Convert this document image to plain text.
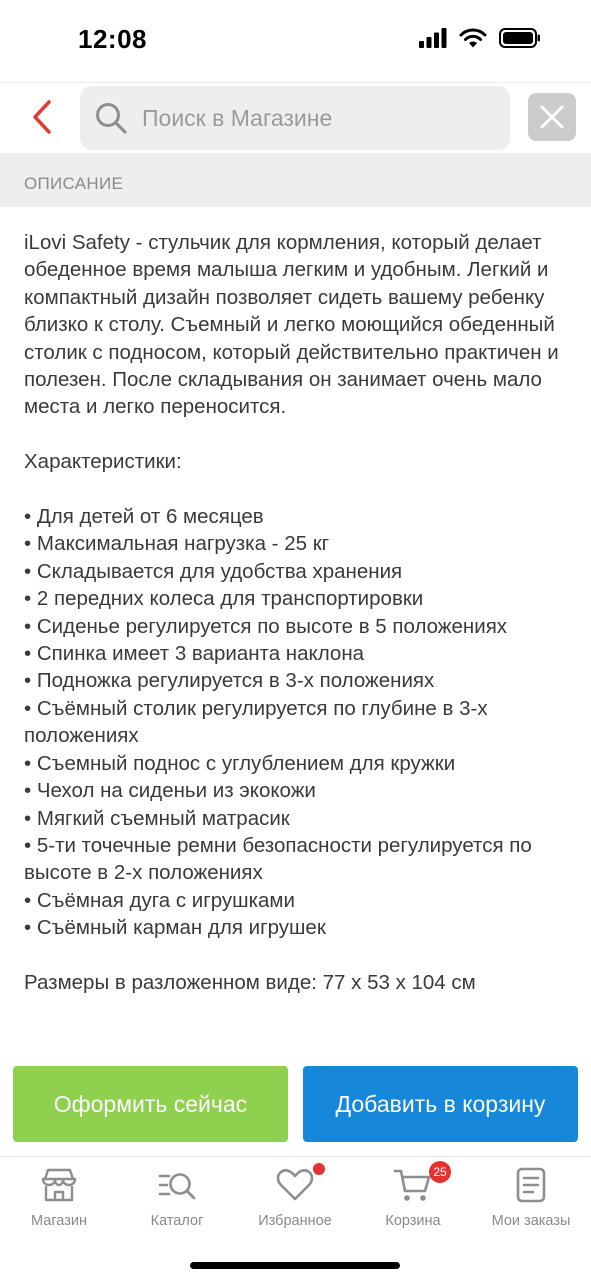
12:08
Поиск в Магазине
ОПИСАНИЕ

iLovi Safety - стульчик для кормления, который делает обеденное время малыша легким и удобным. Легкий и компактный дизайн позволяет сидеть вашему ребенку близко к столу. Съемный и легко моющийся обеденный столик с подносом, который действительно практичен и полезен. После складывания он занимает очень мало места и легко переносится.

Характеристики:

• Для детей от 6 месяцев

• Максимальная нагрузка - 25 кг

• Складывается для удобства хранения

• 2 передних колеса для транспортировки

• Сиденье регулируется по высоте в 5 положениях

• Спинка имеет 3 варианта наклона

• Подножка регулируется в 3-х положениях

• Съёмный столик регулируется по глубине в 3-х положениях

• Съемный поднос с углублением для кружки

• Чехол на сиденьи из экокожи

• Мягкий съемный матрасик

• 5-ти точечные ремни безопасности регулируется по высоте в 2-х положениях

• Съёмная дуга с игрушками

• Съёмный карман для игрушек

Размеры в разложенном виде: 77 х 53 х 104 см

Оформить сейчас	Добавить в корзину
Магазин	Каталог	Избранное
25
Корзина	Мои заказы
